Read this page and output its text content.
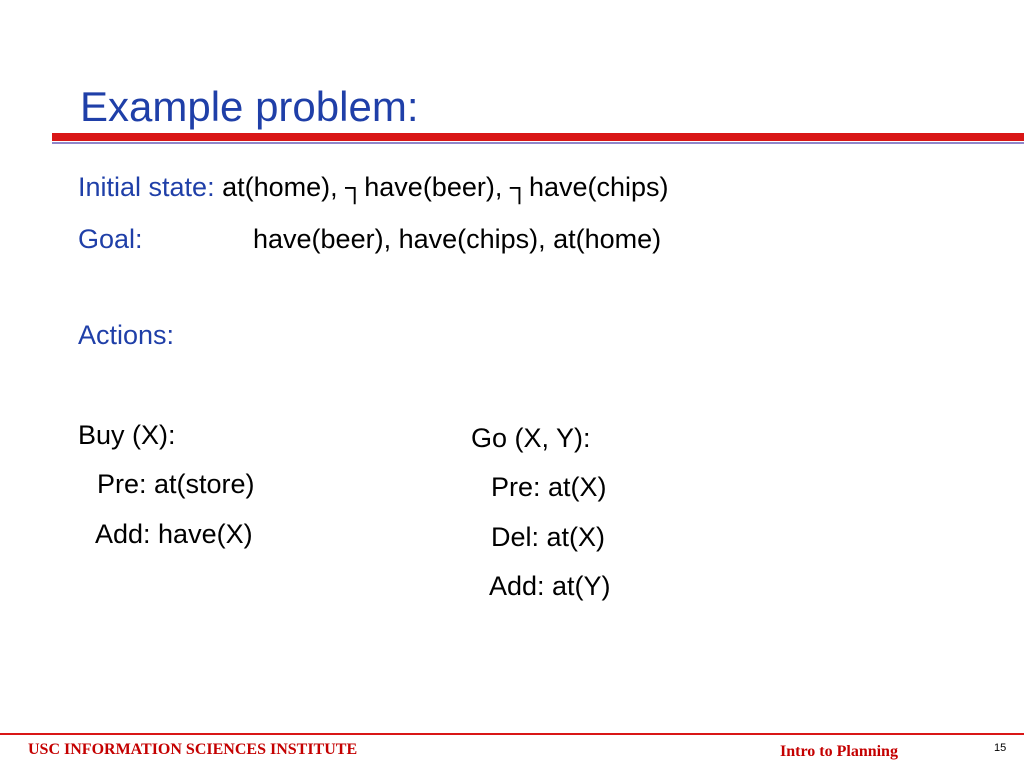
Example problem:
Initial state: at(home), ┐have(beer), ┐have(chips)
Goal:	have(beer), have(chips), at(home)
Actions:
Buy (X):
Pre: at(store)
Add: have(X)
Go (X, Y):
Pre: at(X)
Del: at(X)
Add: at(Y)
USC INFORMATION SCIENCES INSTITUTE	Intro to Planning	15
